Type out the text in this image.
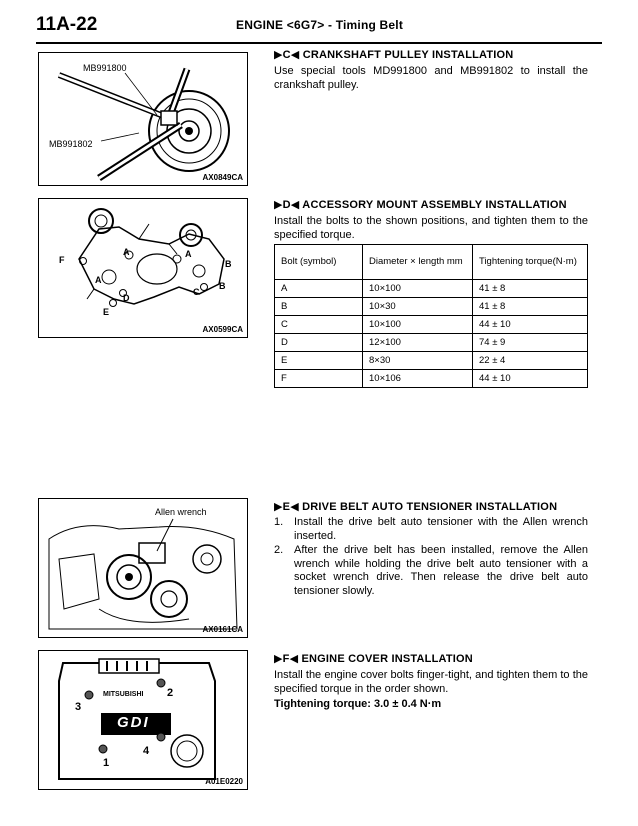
11A-22	ENGINE <6G7> - Timing Belt
MB991800
MB991802
AX0849CA
F
A	A
A
B
B
C
D
E
AX0599CA
Allen wrench
AX0161CA
MITSUBISHI
GDI
1
2
3
4
A01E0220
▶C◀ CRANKSHAFT PULLEY INSTALLATION
Use special tools MD991800 and MB991802 to install the crankshaft pulley.
▶D◀ ACCESSORY MOUNT ASSEMBLY INSTALLATION
Install the bolts to the shown positions, and tighten them to the specified torque.
Bolt (symbol)	Diameter × length mm	Tightening torque(N·m)
A	10×100	41 ± 8
B	10×30	41 ± 8
C	10×100	44 ± 10
D	12×100	74 ± 9
E	8×30	22 ± 4
F	10×106	44 ± 10
▶E◀ DRIVE BELT AUTO TENSIONER INSTALLATION
1. Install the drive belt auto tensioner with the Allen wrench inserted.
2. After the drive belt has been installed, remove the Allen wrench while holding the drive belt auto tensioner with a socket wrench drive. Then release the drive belt auto tensioner slowly.
▶F◀ ENGINE COVER INSTALLATION
Install the engine cover bolts finger-tight, and tighten them to the specified torque in the order shown.
Tightening torque: 3.0 ± 0.4 N·m
